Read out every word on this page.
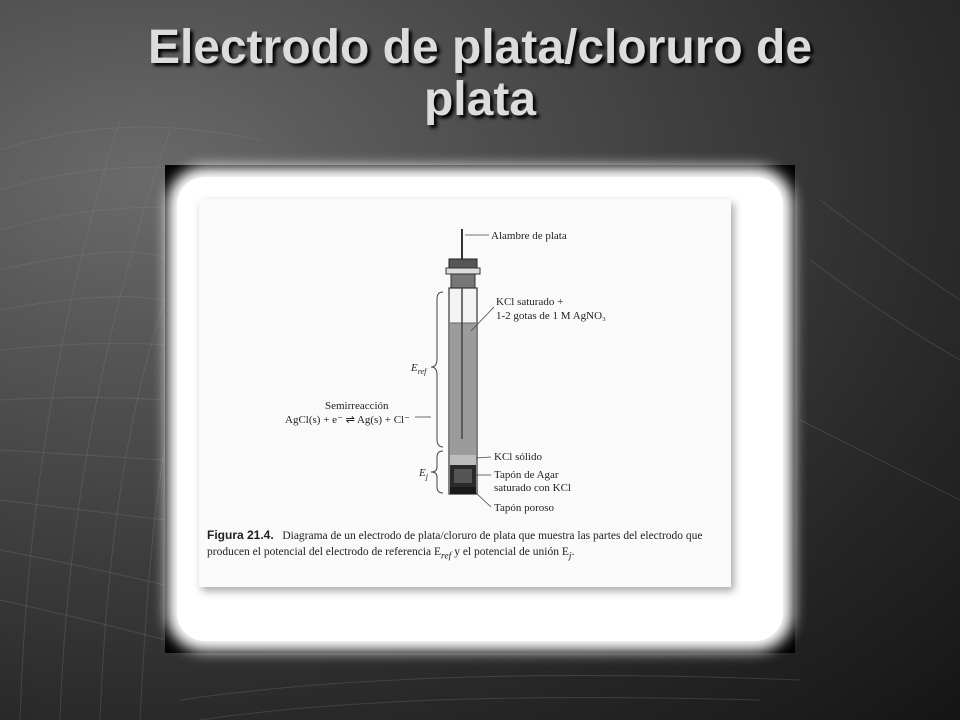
Electrodo de plata/cloruro de
plata
Alambre de plata
KCl saturado +
1-2 gotas de 1 M AgNO₃
$E_{ref}$
Semirreacción
AgCl(s) + e⁻ ⇌ Ag(s) + Cl⁻
KCl sólido
$E_j$	Tapón de Agar
saturado con KCl
Tapón poroso
Figura 21.4. Diagrama de un electrodo de plata/cloruro de plata que muestra las partes del electrodo que producen el potencial del electrodo de referencia $E_{ref}$ y el potencial de unión $E_j$.
